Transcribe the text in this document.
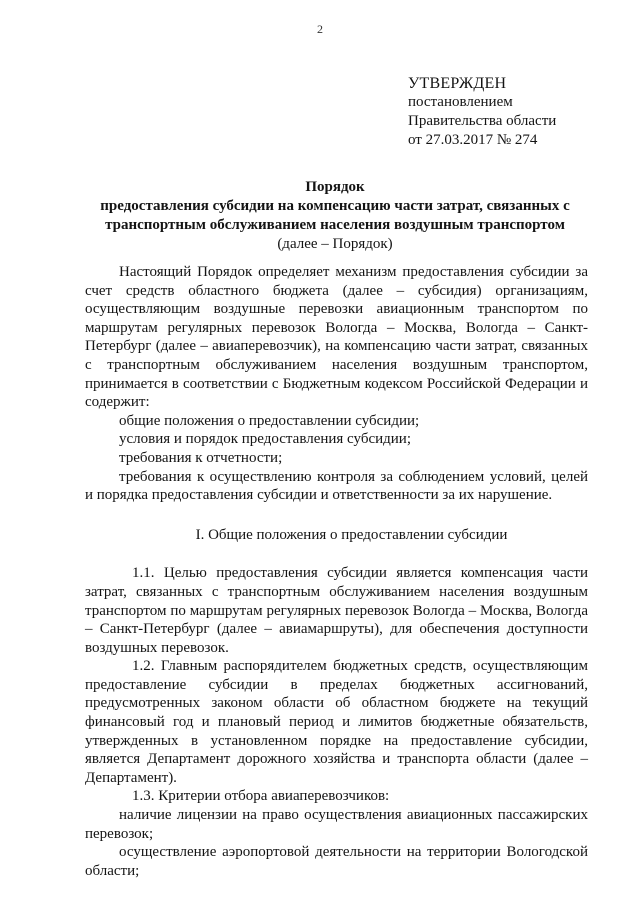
2
УТВЕРЖДЕН
постановлением
Правительства области
от 27.03.2017 № 274
Порядок
предоставления субсидии на компенсацию части затрат, связанных с
транспортным обслуживанием населения воздушным транспортом
(далее – Порядок)

Настоящий Порядок определяет механизм предоставления субсидии за счет средств областного бюджета (далее – субсидия) организациям, осуществляющим воздушные перевозки авиационным транспортом по маршрутам регулярных перевозок Вологда – Москва, Вологда – Санкт-Петербург (далее – авиаперевозчик), на компенсацию части затрат, связанных с транспортным обслуживанием населения воздушным транспортом, принимается в соответствии с Бюджетным кодексом Российской Федерации и содержит:

общие положения о предоставлении субсидии;

условия и порядок предоставления субсидии;

требования к отчетности;

требования к осуществлению контроля за соблюдением условий, целей и порядка предоставления субсидии и ответственности за их нарушение.

I. Общие положения о предоставлении субсидии

1.1. Целью предоставления субсидии является компенсация части затрат, связанных с транспортным обслуживанием населения воздушным транспортом по маршрутам регулярных перевозок Вологда – Москва, Вологда – Санкт-Петербург (далее – авиамаршруты), для обеспечения доступности воздушных перевозок.

1.2. Главным распорядителем бюджетных средств, осуществляющим предоставление субсидии в пределах бюджетных ассигнований, предусмотренных законом области об областном бюджете на текущий финансовый год и плановый период и лимитов бюджетные обязательств, утвержденных в установленном порядке на предоставление субсидии, является Департамент дорожного хозяйства и транспорта области (далее – Департамент).

1.3. Критерии отбора авиаперевозчиков:

наличие лицензии на право осуществления авиационных пассажирских перевозок;

осуществление аэропортовой деятельности на территории Вологодской области;
